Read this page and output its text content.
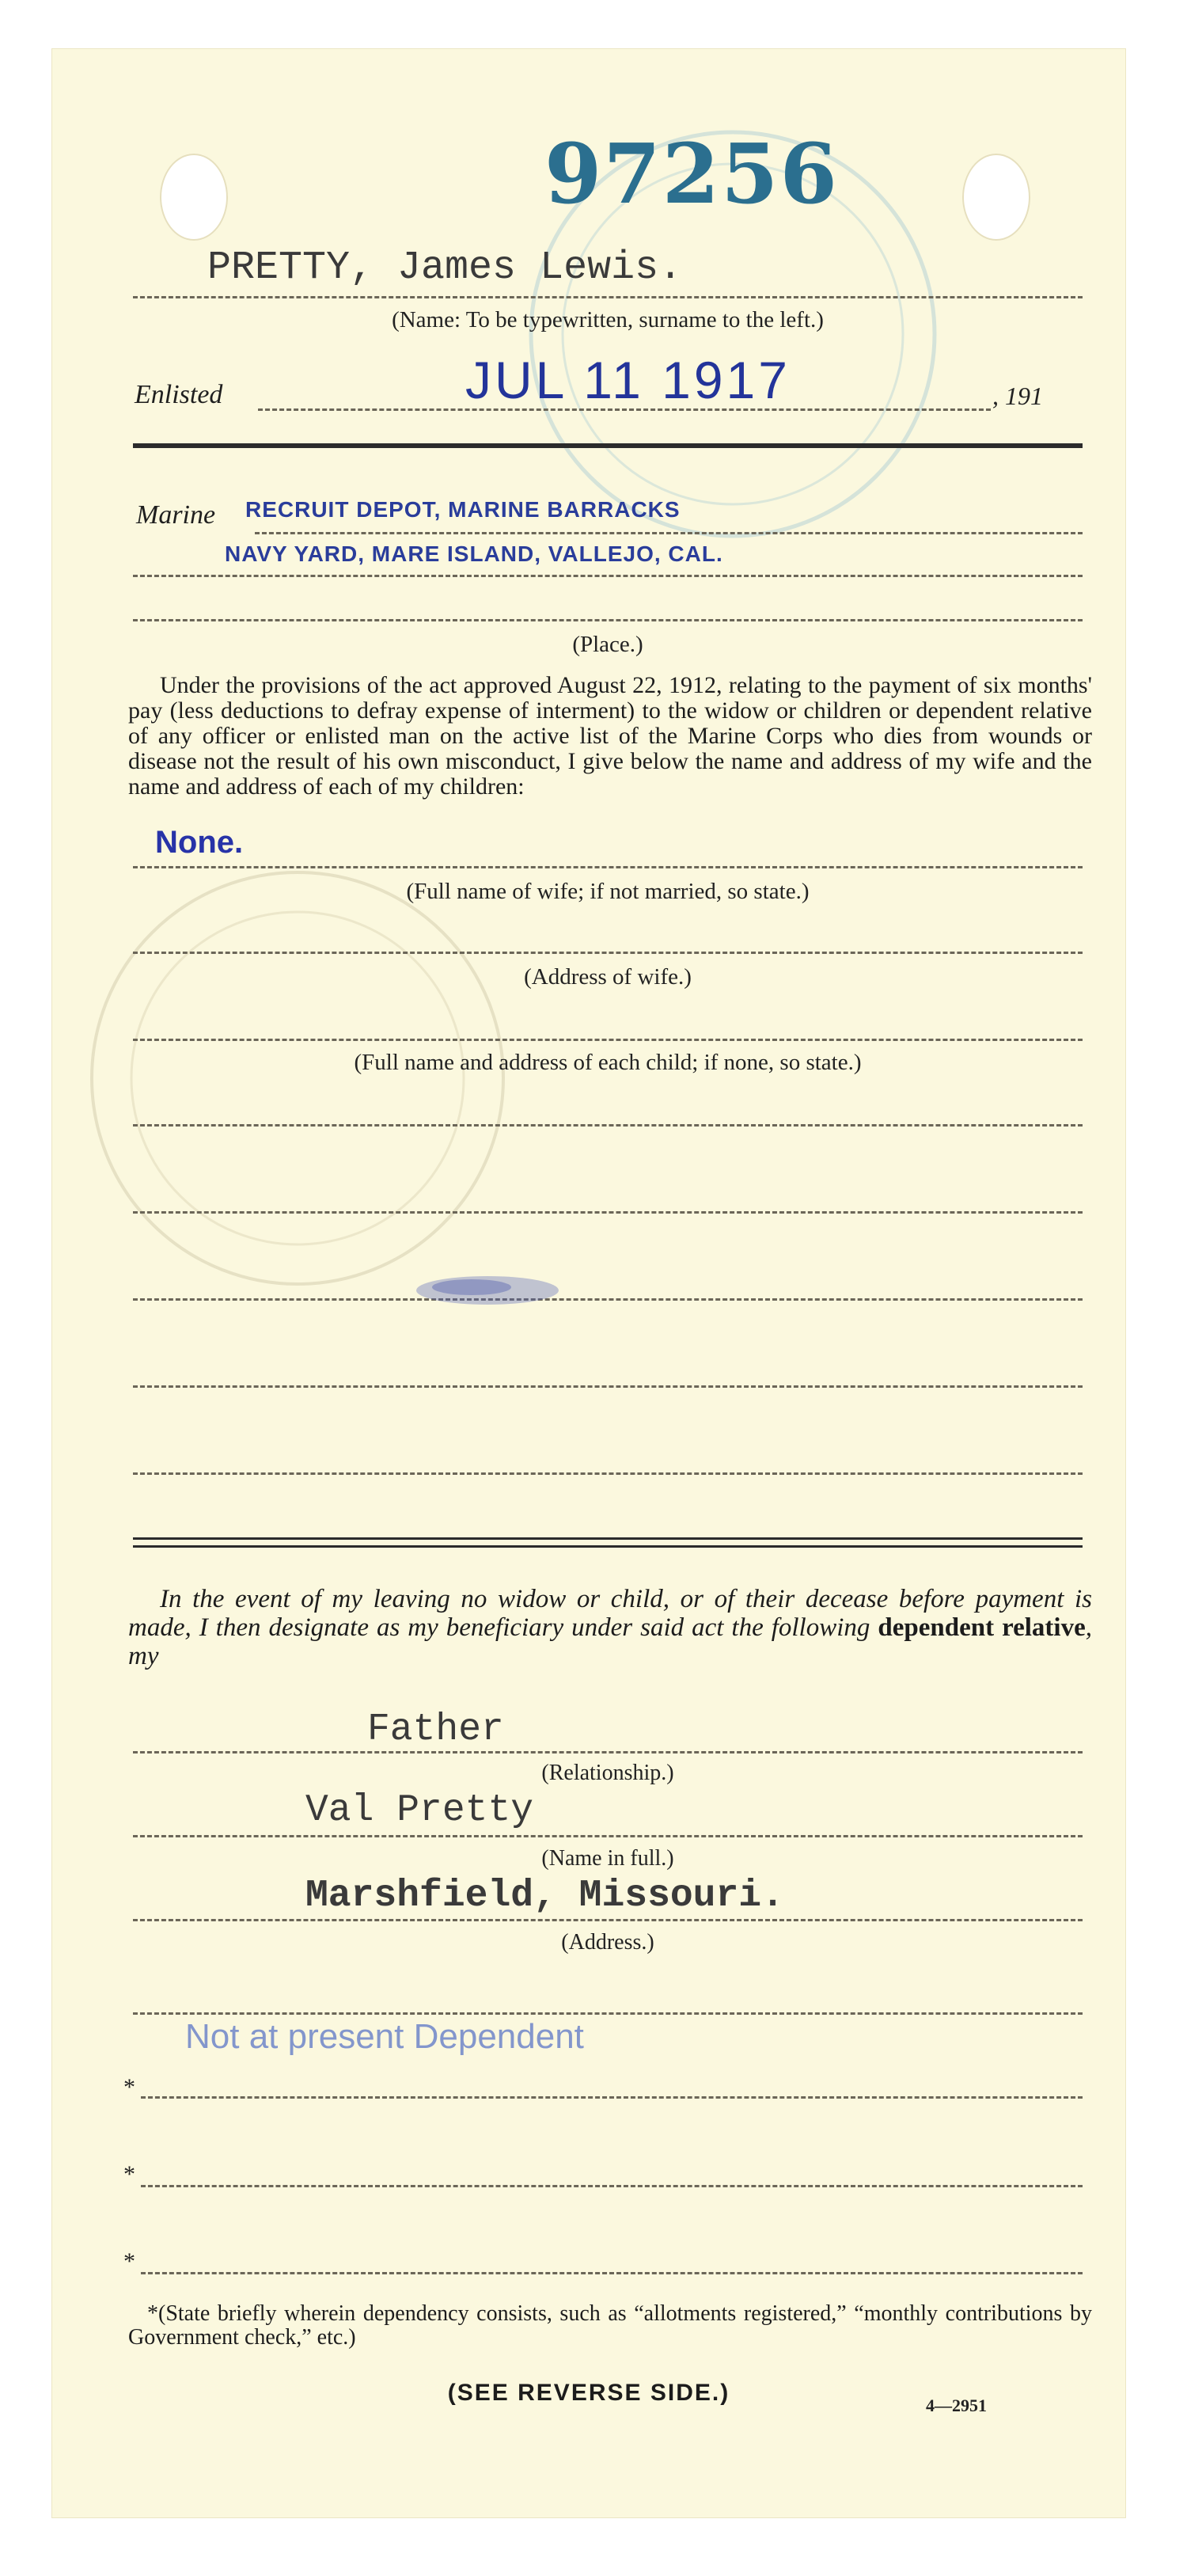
97256
PRETTY, James Lewis.
(Name: To be typewritten, surname to the left.)
Enlisted	JUL 11 1917	, 191
Marine RECRUIT DEPOT, MARINE BARRACKS
NAVY YARD, MARE ISLAND, VALLEJO, CAL.
(Place.)
Under the provisions of the act approved August 22, 1912, relating to the payment of six months' pay (less deductions to defray expense of interment) to the widow or children or dependent relative of any officer or enlisted man on the active list of the Marine Corps who dies from wounds or disease not the result of his own misconduct, I give below the name and address of my wife and the name and address of each of my children:
None.
(Full name of wife; if not married, so state.)
(Address of wife.)
(Full name and address of each child; if none, so state.)
In the event of my leaving no widow or child, or of their decease before payment is made, I then designate as my beneficiary under said act the following dependent relative, my
Father
(Relationship.)
Val Pretty
(Name in full.)
Marshfield, Missouri.
(Address.)
Not at present Dependent
*
*
*
*(State briefly wherein dependency consists, such as “allotments registered,” “monthly contributions by Government check,” etc.)
(SEE REVERSE SIDE.)	4—2951
